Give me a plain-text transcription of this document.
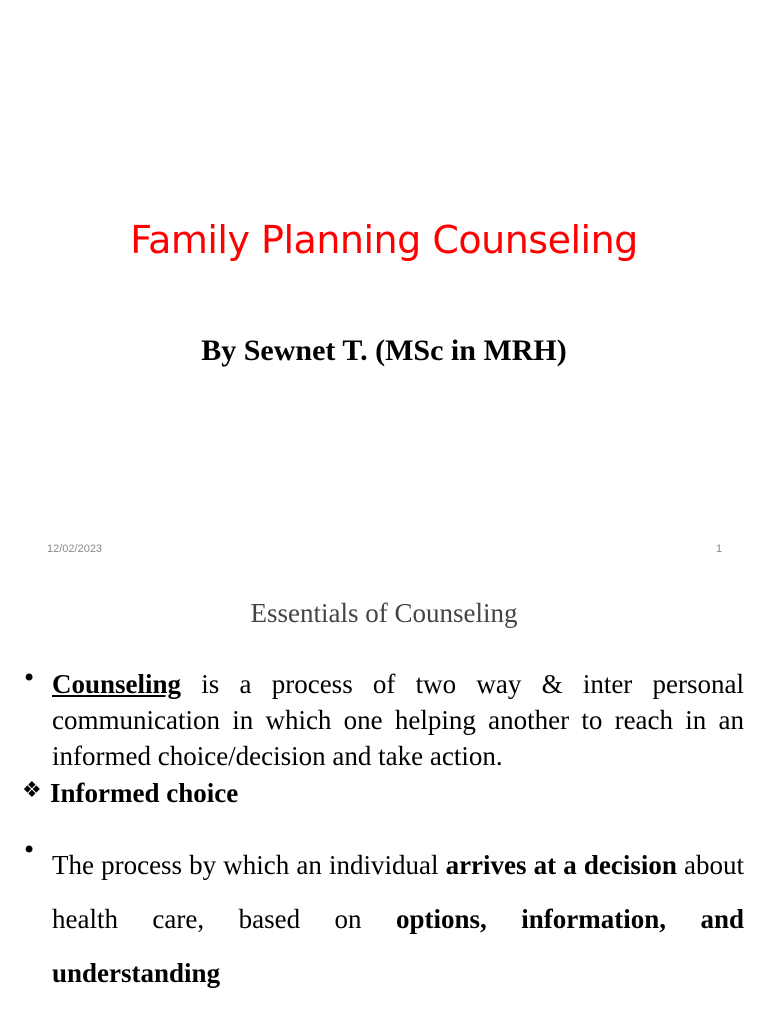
Family Planning Counseling
By Sewnet T. (MSc in MRH)
12/02/2023	1
Essentials of Counseling
• Counseling is a process of two way & inter personal communication in which one helping another to reach in an informed choice/decision and take action.
❖ Informed choice
• The process by which an individual arrives at a decision about health care, based on options, information, and understanding
